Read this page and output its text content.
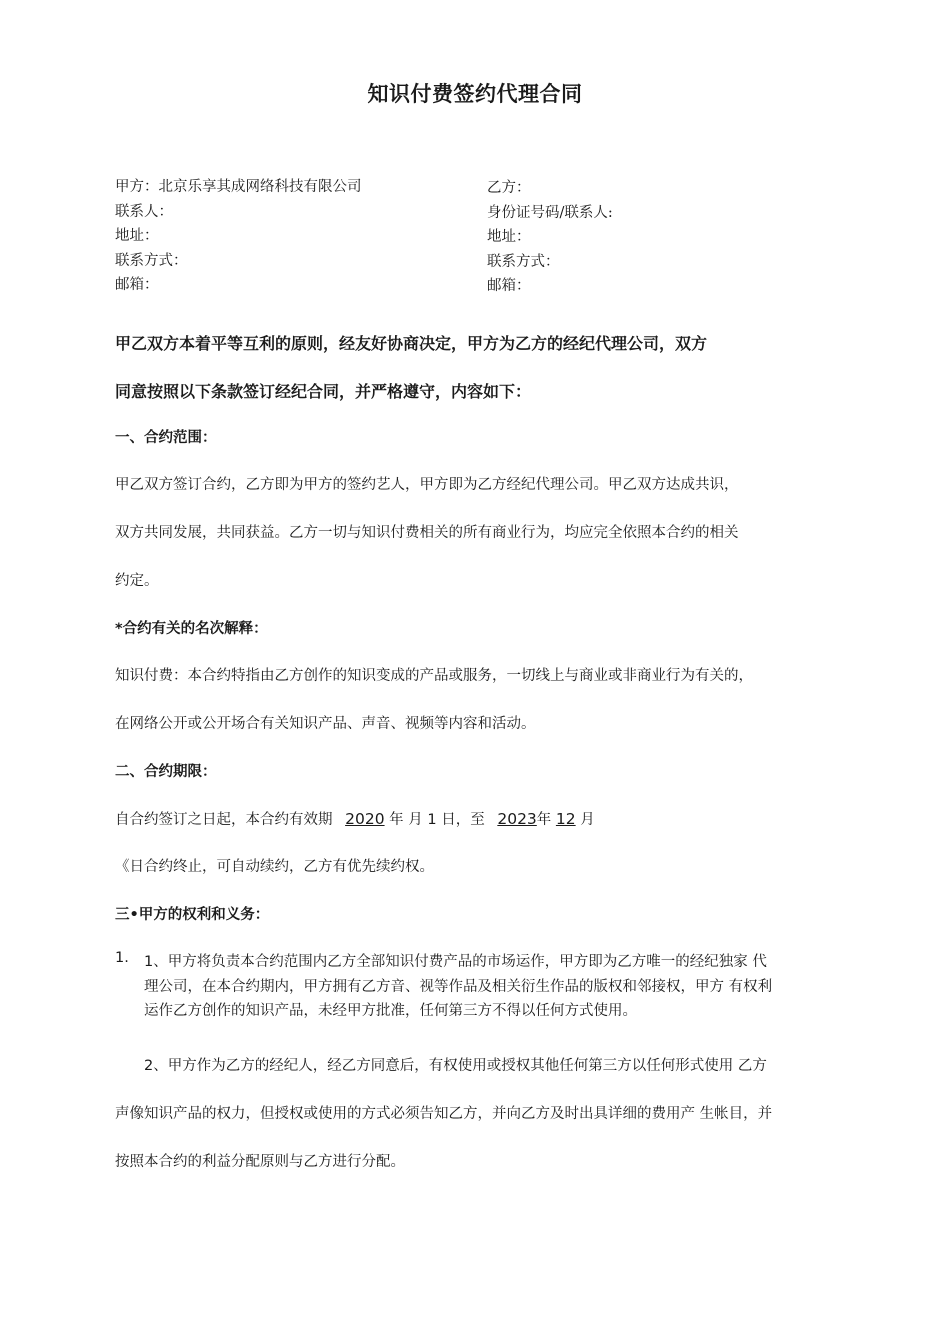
知识付费签约代理合同
甲方：北京乐享其成网络科技有限公司
联系人：
地址：
联系方式：
邮箱：
乙方：
身份证号码/联系人:
地址：
联系方式：
邮箱：
甲乙双方本着平等互利的原则，经友好协商决定，甲方为乙方的经纪代理公司，双方
同意按照以下条款签订经纪合同，并严格遵守，内容如下：
一、合约范围：
甲乙双方签订合约，乙方即为甲方的签约艺人，甲方即为乙方经纪代理公司。甲乙双方达成共识，
双方共同发展，共同获益。乙方一切与知识付费相关的所有商业行为，均应完全依照本合约的相关
约定。
*合约有关的名次解释：
知识付费：本合约特指由乙方创作的知识变成的产品或服务，一切线上与商业或非商业行为有关的，
在网络公开或公开场合有关知识产品、声音、视频等内容和活动。
二、合约期限：
自合约签订之日起，本合约有效期 2020 年 月 1 日，至 2023年 12 月
《日合约终止，可自动续约，乙方有优先续约权。
三•甲方的权利和义务：
1. 1、甲方将负责本合约范围内乙方全部知识付费产品的市场运作，甲方即为乙方唯一的经纪独家 代
理公司，在本合约期内，甲方拥有乙方音、视等作品及相关衍生作品的版权和邻接权，甲方 有权利
运作乙方创作的知识产品，未经甲方批准，任何第三方不得以任何方式使用。
2、甲方作为乙方的经纪人，经乙方同意后，有权使用或授权其他任何第三方以任何形式使用 乙方
声像知识产品的权力，但授权或使用的方式必须告知乙方，并向乙方及时出具详细的费用产 生帐目，并
按照本合约的利益分配原则与乙方进行分配。
